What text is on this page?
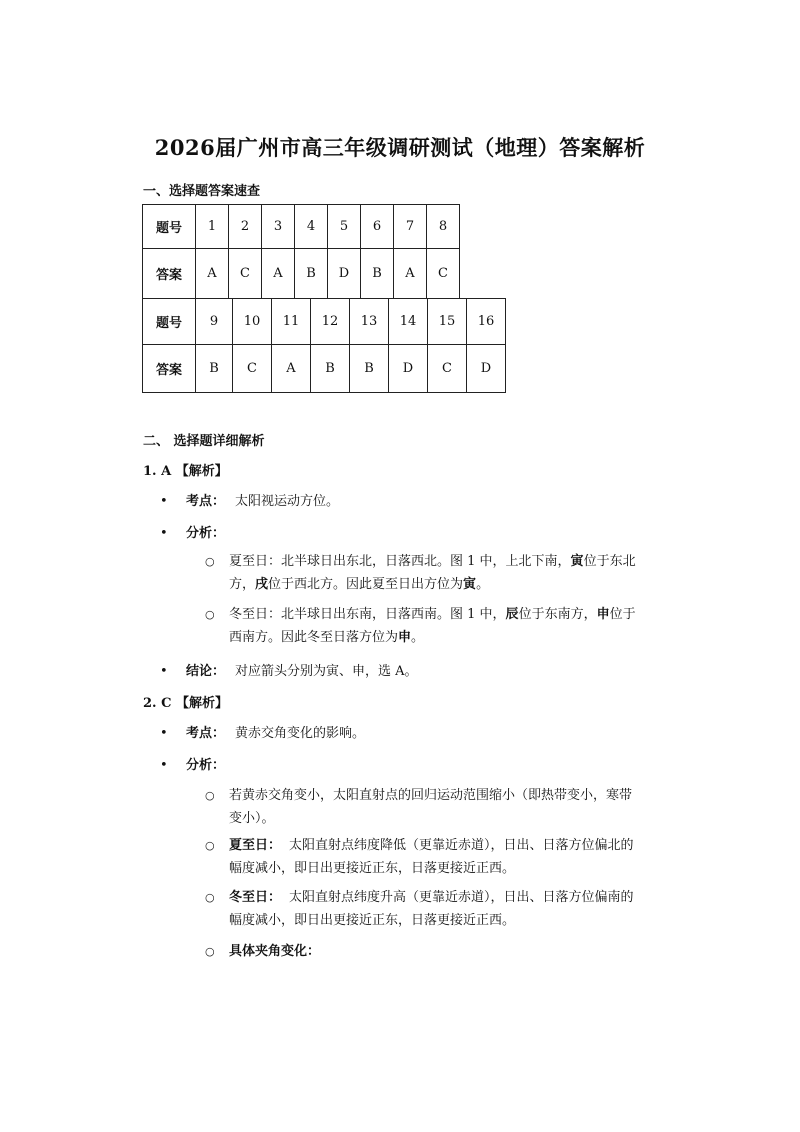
2026届广州市高三年级调研测试（地理）答案解析
一、选择题答案速查
题号	1	2	3	4	5	6	7	8
答案	A	C	A	B	D	B	A	C
题号	9	10	11	12	13	14	15	16
答案	B	C	A	B	B	D	C	D
二、 选择题详细解析
1. A 【解析】
• 考点： 太阳视运动方位。
• 分析：
○ 夏至日：北半球日出东北，日落西北。图 1 中，上北下南，寅位于东北方，戌位于西北方。因此夏至日出方位为寅。
○ 冬至日：北半球日出东南，日落西南。图 1 中，辰位于东南方，申位于西南方。因此冬至日落方位为申。
• 结论： 对应箭头分别为寅、申，选 A。
2. C 【解析】
• 考点： 黄赤交角变化的影响。
• 分析：
○ 若黄赤交角变小，太阳直射点的回归运动范围缩小（即热带变小，寒带变小）。
○ 夏至日： 太阳直射点纬度降低（更靠近赤道），日出、日落方位偏北的幅度减小，即日出更接近正东，日落更接近正西。
○ 冬至日： 太阳直射点纬度升高（更靠近赤道），日出、日落方位偏南的幅度减小，即日出更接近正东，日落更接近正西。
○ 具体夹角变化：
